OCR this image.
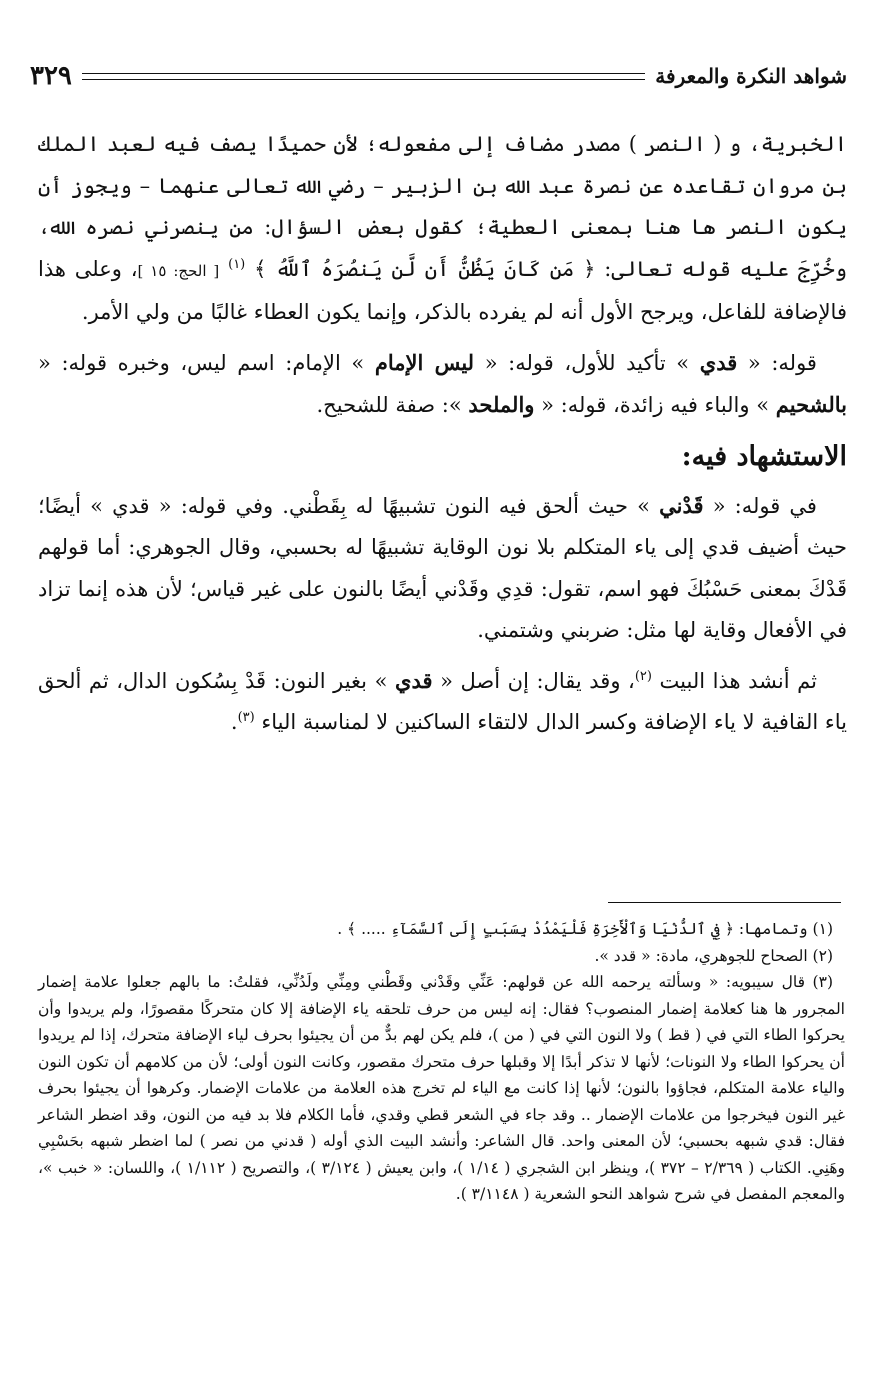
شواهد النكرة والمعرفة
٣٢٩

الخبرية، و ( النصر ) مصدر مضاف إلى مفعوله؛ لأن حميدًا يصف فيه لعبد الملك بن مروان تقاعده عن نصرة عبد الله بن الزبير – رضي الله تعالى عنهما – ويجوز أن يكون النصر ها هنا بمعنى العطية؛ كقول بعض السؤال: من ينصرني نصره الله، وخُرِّجَ عليه قوله تعالى: ﴿ مَن كَانَ يَظُنُّ أَن لَّن يَنصُرَهُ ٱللَّهُ ﴾ $^{(١)}$ [ الحج: ١٥ ]، وعلى هذا فالإضافة للفاعل، ويرجح الأول أنه لم يفرده بالذكر، وإنما يكون العطاء غالبًا من ولي الأمر.

قوله: « قدي » تأكيد للأول، قوله: « ليس الإمام » الإمام: اسم ليس، وخبره قوله: « بالشحيم » والباء فيه زائدة، قوله: « والملحد »: صفة للشحيح.

الاستشهاد فيه:

في قوله: « قَدْني » حيث ألحق فيه النون تشبيهًا له بِقَطْني. وفي قوله: « قدي » أيضًا؛ حيث أضيف قدي إلى ياء المتكلم بلا نون الوقاية تشبيهًا له بحسبي، وقال الجوهري: أما قولهم قَدْكَ بمعنى حَسْبُكَ فهو اسم، تقول: قدِي وقَدْني أيضًا بالنون على غير قياس؛ لأن هذه إنما تزاد في الأفعال وقاية لها مثل: ضربني وشتمني.

ثم أنشد هذا البيت $^{(٢)}$، وقد يقال: إن أصل « قدي » بغير النون: قَدْ بِسُكون الدال، ثم ألحق ياء القافية لا ياء الإضافة وكسر الدال لالتقاء الساكنين لا لمناسبة الياء $^{(٣)}$.

(١) وتمامها: ﴿ فِي ٱلدُّنْيَا وَٱلْأَخِرَةِ فَلْيَمْدُدْ بِسَبَبٍ إِلَى ٱلسَّمَآءِ ..... ﴾ .

(٢) الصحاح للجوهري، مادة: « قدد ».

(٣) قال سيبويه: « وسألته يرحمه الله عن قولهم: عَنِّي وقَدْني وقَطْني ومِنِّي ولَدُنِّي، فقلتُ: ما بالهم جعلوا علامة إضمار المجرور ها هنا كعلامة إضمار المنصوب؟ فقال: إنه ليس من حرف تلحقه ياء الإضافة إلا كان متحركًا مقصورًا، ولم يريدوا وأن يحركوا الطاء التي في ( قط ) ولا النون التي في ( من )، فلم يكن لهم بدٌّ من أن يجيئوا بحرف لياء الإضافة متحرك، إذا لم يريدوا أن يحركوا الطاء ولا النونات؛ لأنها لا تذكر أبدًا إلا وقبلها حرف متحرك مقصور، وكانت النون أولى؛ لأن من كلامهم أن تكون النون والياء علامة المتكلم، فجاؤوا بالنون؛ لأنها إذا كانت مع الياء لم تخرج هذه العلامة من علامات الإضمار. وكرهوا أن يجيئوا بحرف غير النون فيخرجوا من علامات الإضمار .. وقد جاء في الشعر قطي وقدي، فأما الكلام فلا بد فيه من النون، وقد اضطر الشاعر فقال: قدي شبهه بحسبي؛ لأن المعنى واحد. قال الشاعر: وأنشد البيت الذي أوله ( قدني من نصر ) لما اضطر شبهه بحَسْبِي وهَنِي. الكتاب ( ٢/٣٦٩ – ٣٧٢ )، وينظر ابن الشجري ( ١/١٤ )، وابن يعيش ( ٣/١٢٤ )، والتصريح ( ١/١١٢ )، واللسان: « خبب »، والمعجم المفصل في شرح شواهد النحو الشعرية ( ٣/١١٤٨ ).
